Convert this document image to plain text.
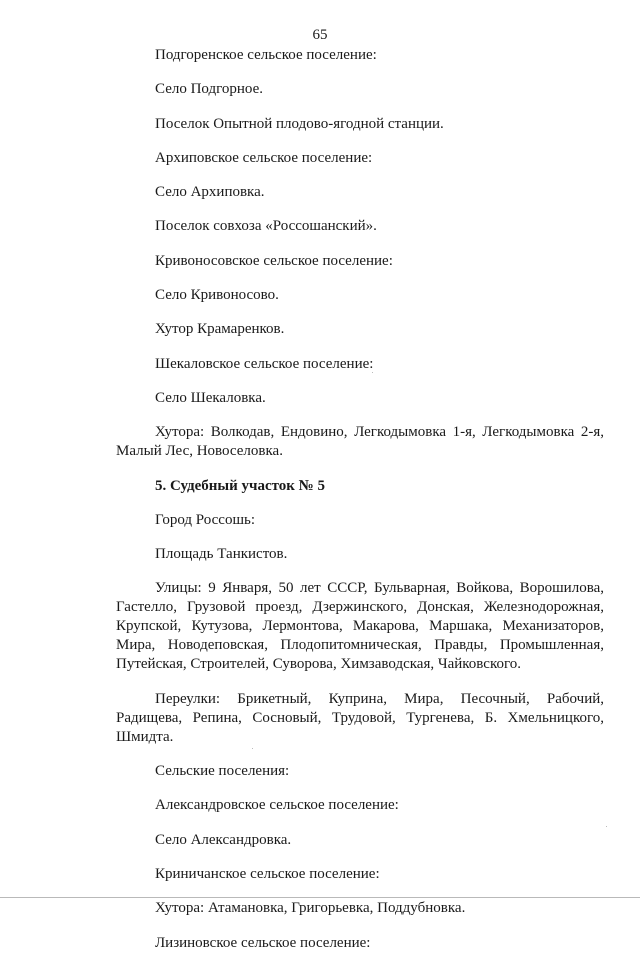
65

Подгоренское сельское поселение:

Село Подгорное.

Поселок Опытной плодово-ягодной станции.

Архиповское сельское поселение:

Село Архиповка.

Поселок совхоза «Россошанский».

Кривоносовское сельское поселение:

Село Кривоносово.

Хутор Крамаренков.

Шекаловское сельское поселение:

Село Шекаловка.

Хутора: Волкодав, Ендовино, Легкодымовка 1-я, Легкодымовка 2-я, Малый Лес, Новоселовка.

5. Судебный участок № 5

Город Россошь:

Площадь Танкистов.

Улицы: 9 Января, 50 лет СССР, Бульварная, Войкова, Ворошилова, Гастелло, Грузовой проезд, Дзержинского, Донская, Железнодорожная, Крупской, Кутузова, Лермонтова, Макарова, Маршака, Механизаторов, Мира, Новодеповская, Плодопитомническая, Правды, Промышленная, Путейская, Строителей, Суворова, Химзаводская, Чайковского.

Переулки: Брикетный, Куприна, Мира, Песочный, Рабочий, Радищева, Репина, Сосновый, Трудовой, Тургенева, Б. Хмельницкого, Шмидта.

Сельские поселения:

Александровское сельское поселение:

Село Александровка.

Криничанское сельское поселение:

Хутора: Атамановка, Григорьевка, Поддубновка.

Лизиновское сельское поселение:
